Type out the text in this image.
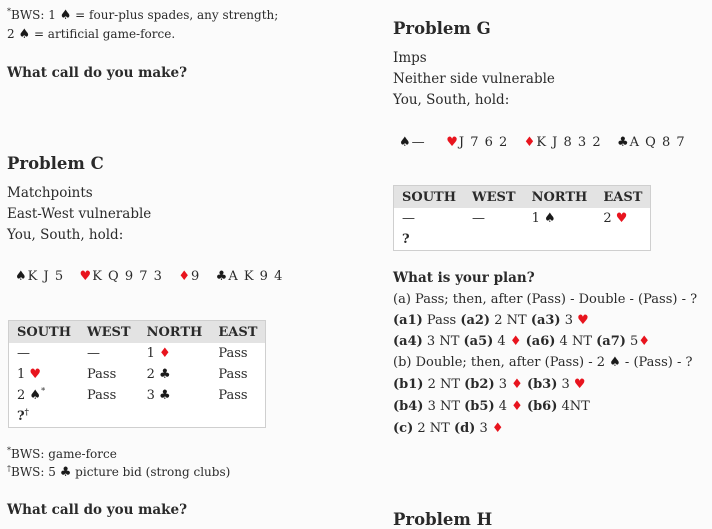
*BWS: 1 ♠ = four-plus spades, any strength;
2 ♠ = artificial game-force.
What call do you make?
Problem C
Matchpoints
East-West vulnerable
You, South, hold:
♠K J 5 ♥K Q 9 7 3 ♦9 ♣A K 9 4
SOUTH	WEST	NORTH	EAST
—	—	1 ♦	Pass
1 ♥	Pass	2 ♣	Pass
2 ♠*	Pass	3 ♣	Pass
?†			
*BWS: game-force
†BWS: 5 ♣ picture bid (strong clubs)
What call do you make?
Problem G
Imps
Neither side vulnerable
You, South, hold:
♠— ♥J 7 6 2 ♦K J 8 3 2 ♣A Q 8 7
SOUTH	WEST	NORTH	EAST
—	—	1 ♠	2 ♥
?			
What is your plan?
(a) Pass; then, after (Pass) - Double - (Pass) - ?
(a1) Pass (a2) 2 NT (a3) 3 ♥
(a4) 3 NT (a5) 4 ♦ (a6) 4 NT (a7) 5♦
(b) Double; then, after (Pass) - 2 ♠ - (Pass) - ?
(b1) 2 NT (b2) 3 ♦ (b3) 3 ♥
(b4) 3 NT (b5) 4 ♦ (b6) 4NT
(c) 2 NT (d) 3 ♦
Problem H
